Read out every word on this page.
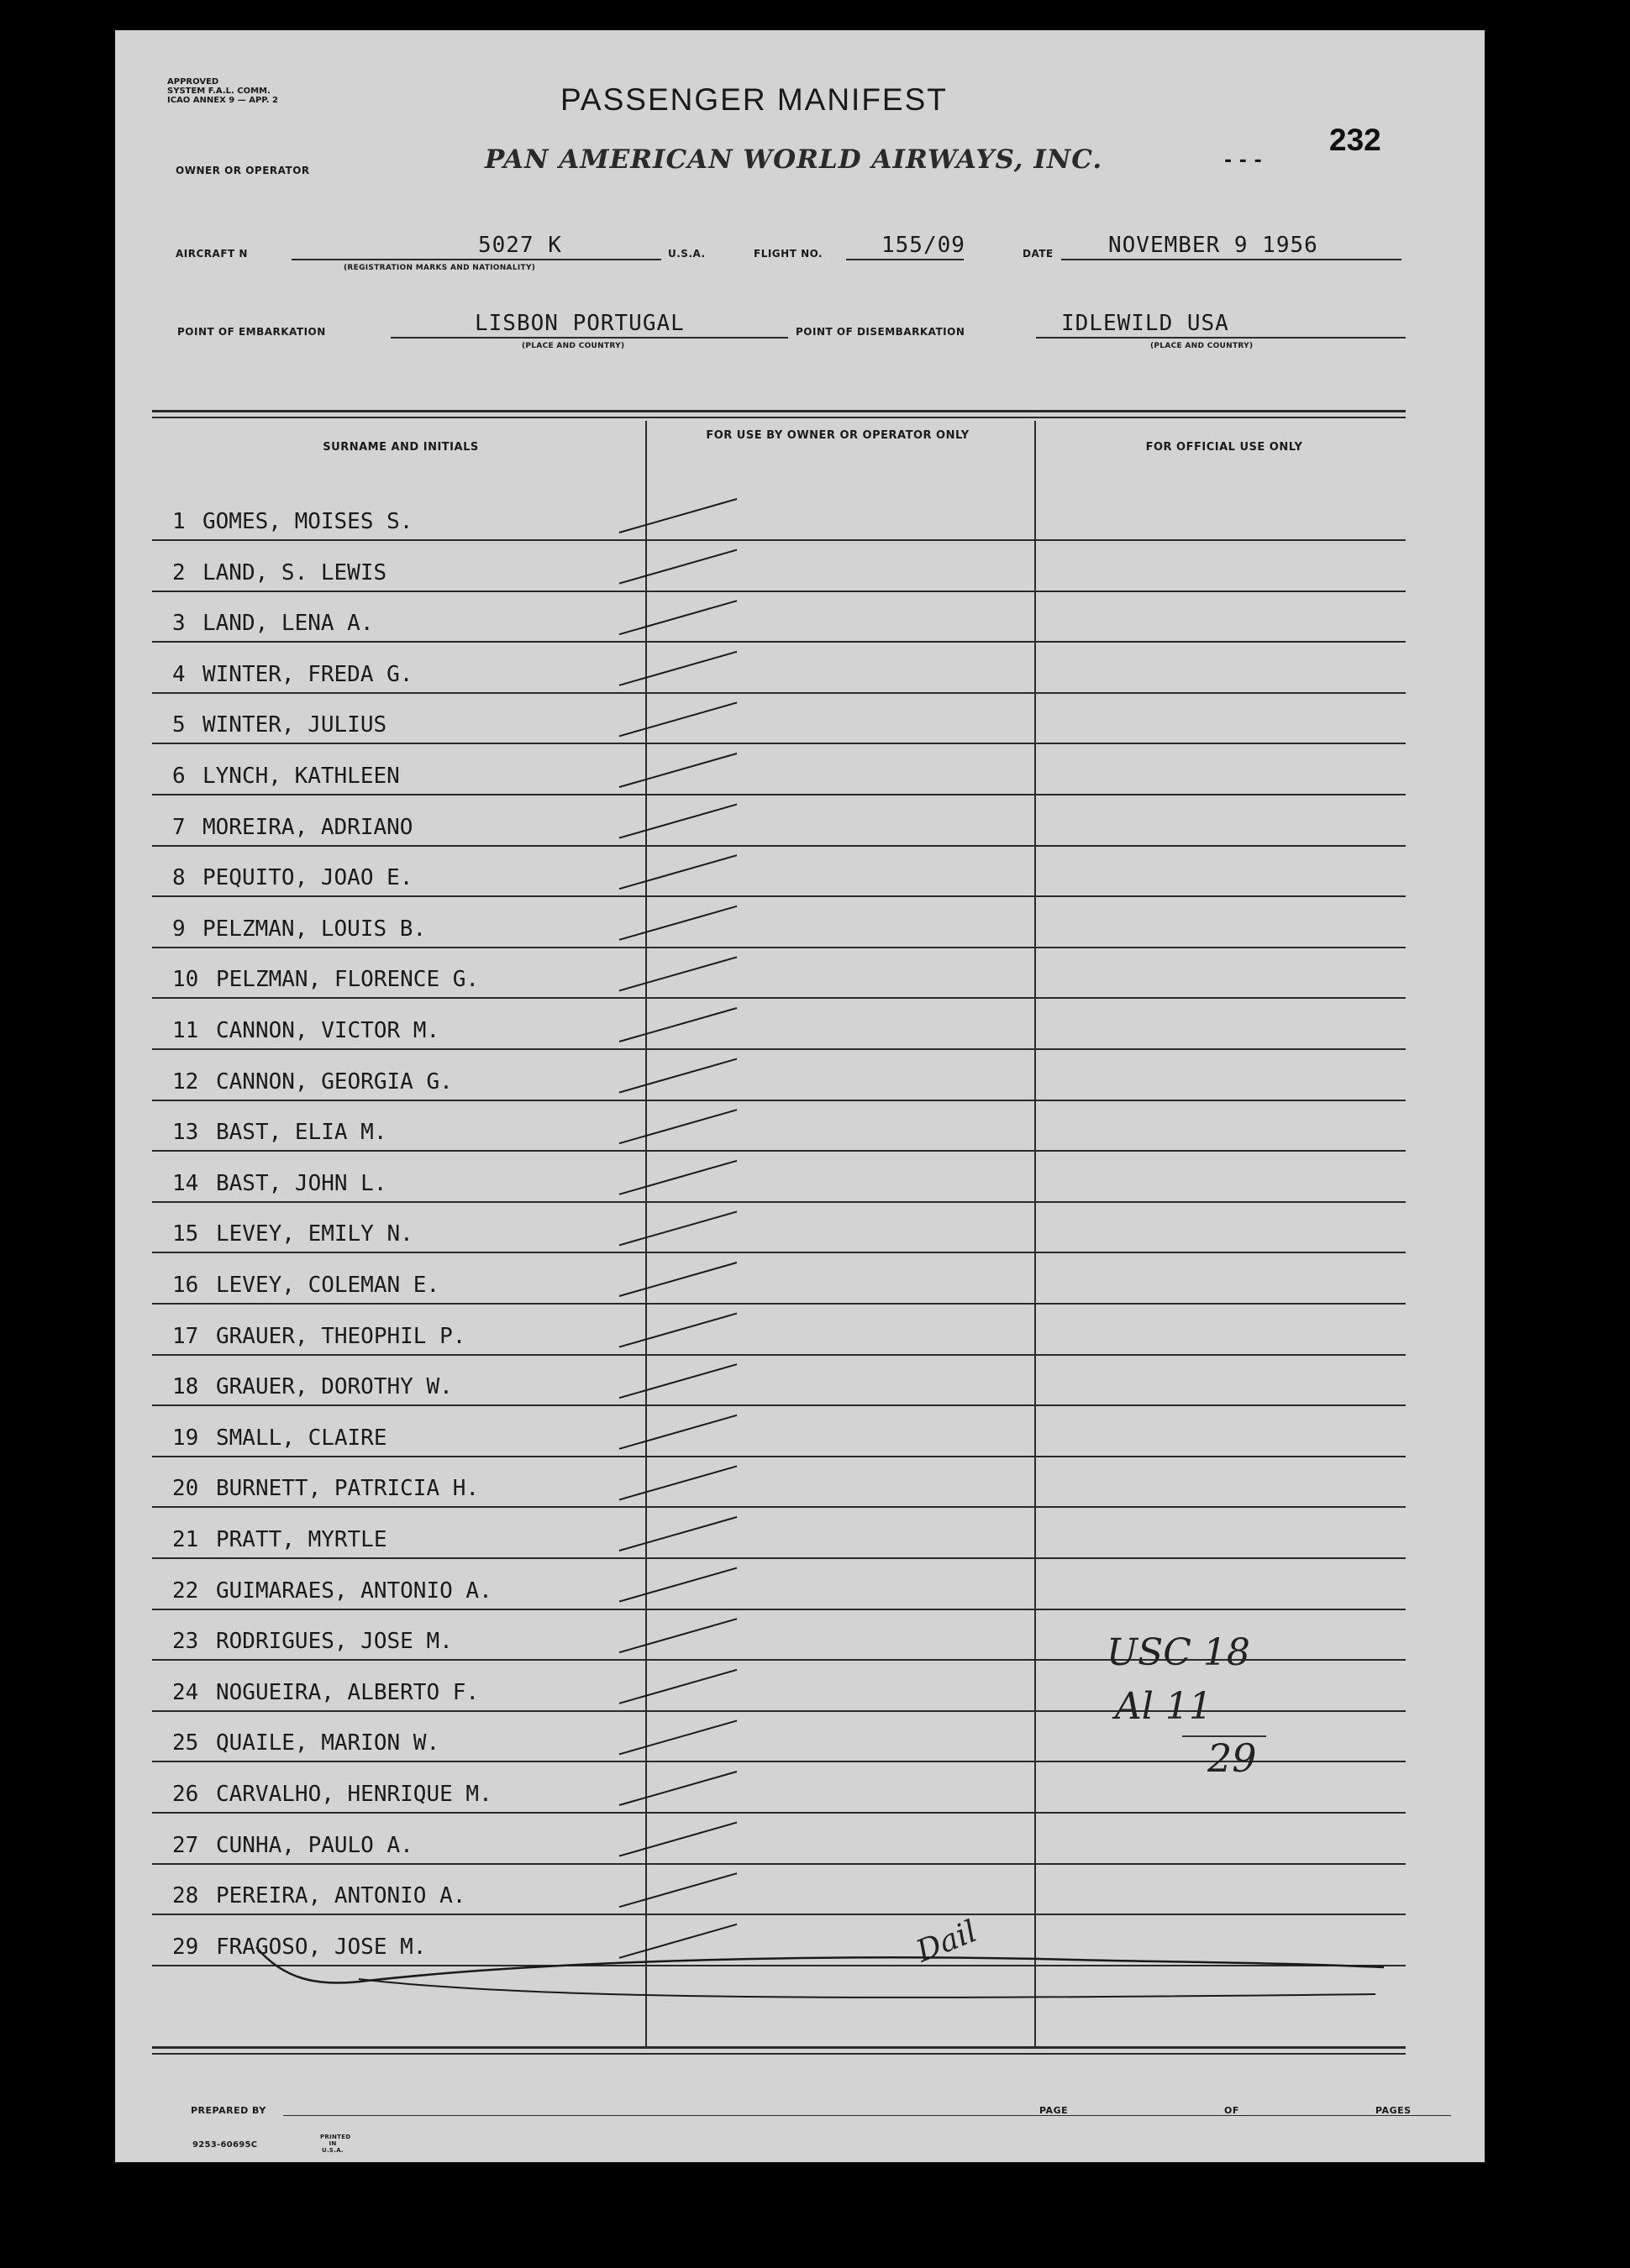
APPROVED
SYSTEM F.A.L. COMM.
ICAO ANNEX 9 — APP. 2	PASSENGER MANIFEST
232
- - -
OWNER OR OPERATOR	PAN AMERICAN WORLD AIRWAYS, INC.
AIRCRAFT N	5027 K
(REGISTRATION MARKS AND NATIONALITY)
U.S.A.	FLIGHT NO.	155/09	DATE	NOVEMBER 9 1956
POINT OF EMBARKATION	LISBON PORTUGAL
(PLACE AND COUNTRY)
POINT OF DISEMBARKATION	IDLEWILD USA
(PLACE AND COUNTRY)
SURNAME AND INITIALS
FOR USE BY OWNER OR OPERATOR ONLY
FOR OFFICIAL USE ONLY
1 GOMES, MOISES S.
2 LAND, S. LEWIS
3 LAND, LENA A.
4 WINTER, FREDA G.
5 WINTER, JULIUS
6 LYNCH, KATHLEEN
7 MOREIRA, ADRIANO
8 PEQUITO, JOAO E.
9 PELZMAN, LOUIS B.
10 PELZMAN, FLORENCE G.
11 CANNON, VICTOR M.
12 CANNON, GEORGIA G.
13 BAST, ELIA M.
14 BAST, JOHN L.
15 LEVEY, EMILY N.
16 LEVEY, COLEMAN E.
17 GRAUER, THEOPHIL P.
18 GRAUER, DOROTHY W.
19 SMALL, CLAIRE
20 BURNETT, PATRICIA H.
21 PRATT, MYRTLE
22 GUIMARAES, ANTONIO A.
23 RODRIGUES, JOSE M.
24 NOGUEIRA, ALBERTO F.
25 QUAILE, MARION W.
26 CARVALHO, HENRIQUE M.
27 CUNHA, PAULO A.
28 PEREIRA, ANTONIO A.
29 FRAGOSO, JOSE M.
USC 18
Al 11
29
Dail
PREPARED BY	PAGE	OF	PAGES
9253-60695C
PRINTED IN U.S.A.
